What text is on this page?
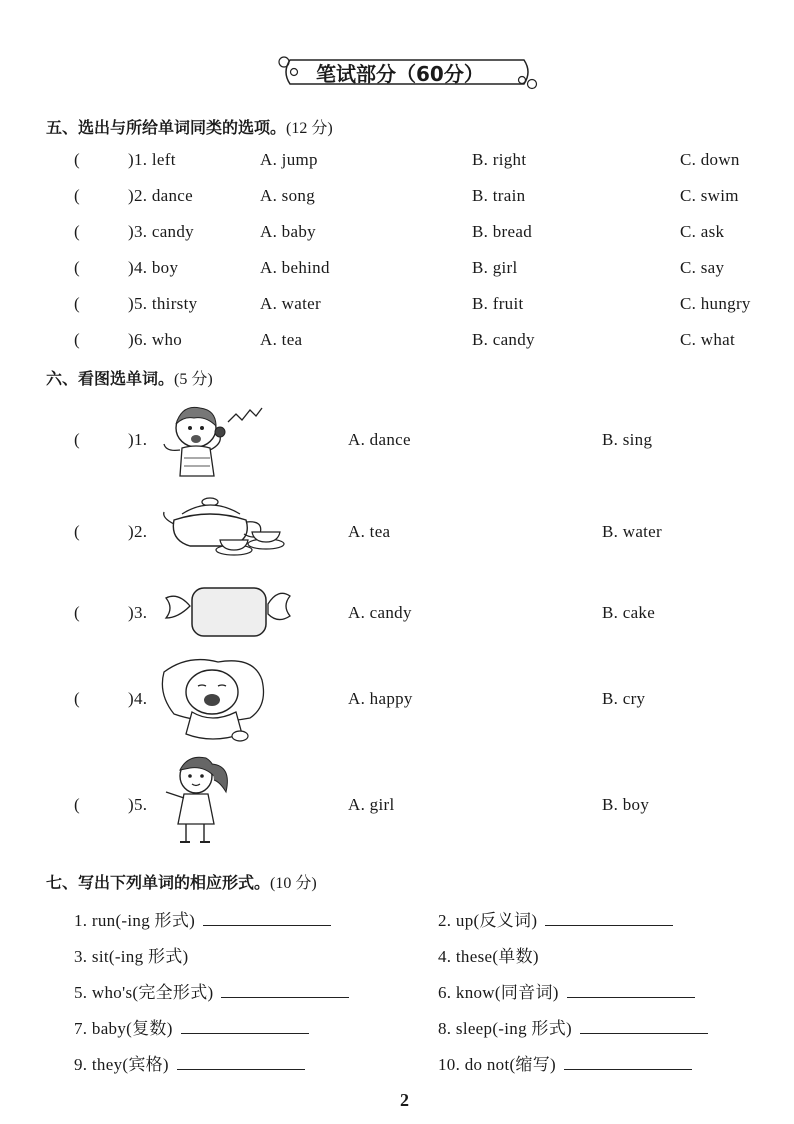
笔试部分（60分）
五、选出与所给单词同类的选项。(12 分)
(	)1. left	A. jump	B. right	C. down
(	)2. dance	A. song	B. train	C. swim
(	)3. candy	A. baby	B. bread	C. ask
(	)4. boy	A. behind	B. girl	C. say
(	)5. thirsty	A. water	B. fruit	C. hungry
(	)6. who	A. tea	B. candy	C. what
六、看图选单词。(5 分)
(	)1.	A. dance	B. sing
(	)2.	A. tea	B. water
(	)3.	A. candy	B. cake
(	)4.	A. happy	B. cry
(	)5.	A. girl	B. boy
七、写出下列单词的相应形式。(10 分)
1. run(-ing 形式)	2. up(反义词)
3. sit(-ing 形式)	4. these(单数)
5. who's(完全形式)	6. know(同音词)
7. baby(复数)	8. sleep(-ing 形式)
9. they(宾格)	10. do not(缩写)
2
